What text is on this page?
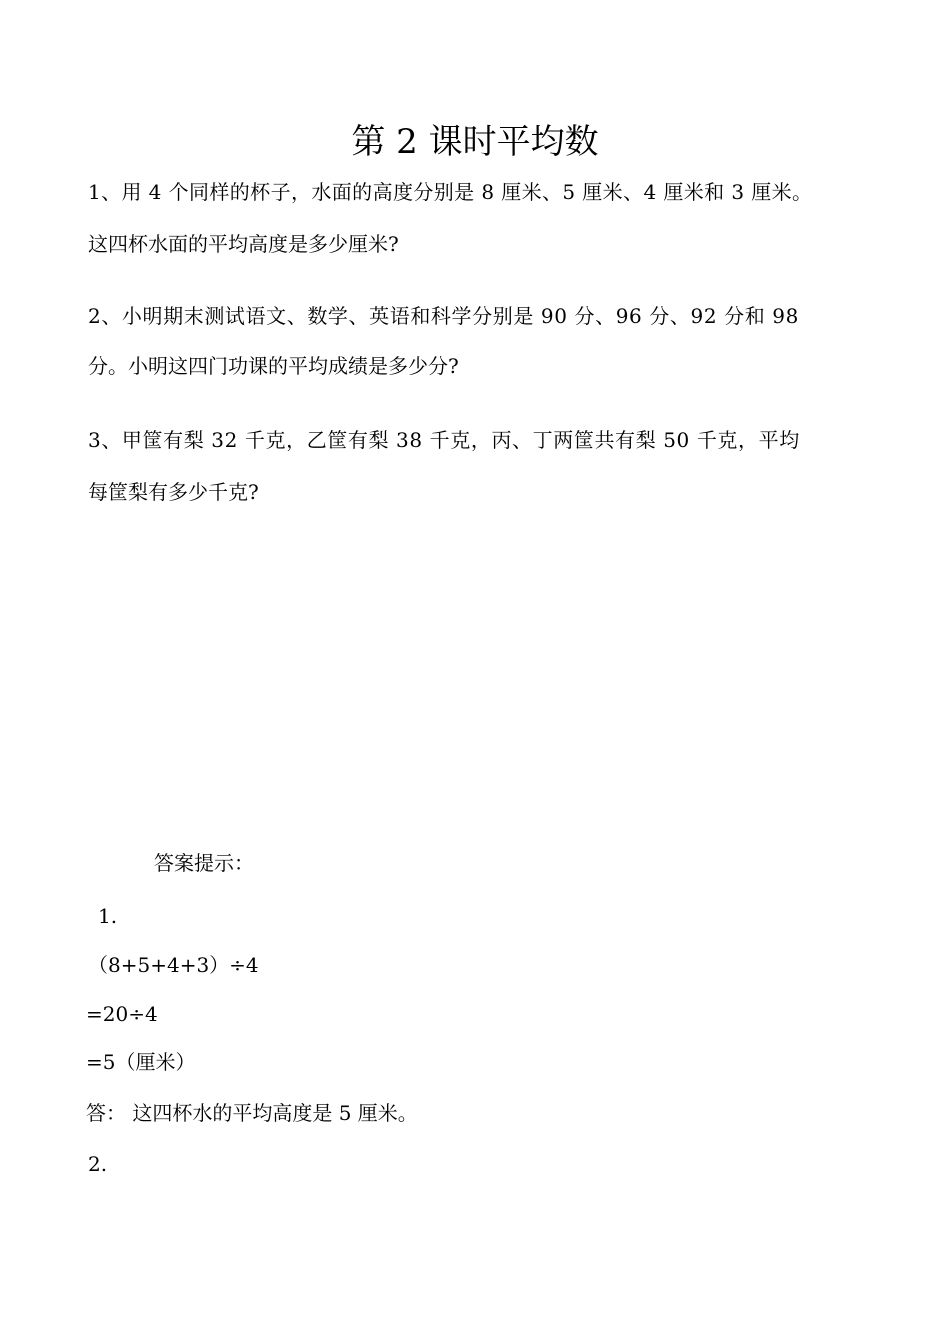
第 2 课时平均数
1、用 4 个同样的杯子，水面的高度分别是 8 厘米、5 厘米、4 厘米和 3 厘米。
这四杯水面的平均高度是多少厘米?
2、小明期末测试语文、数学、英语和科学分别是 90 分、96 分、92 分和 98
分。小明这四门功课的平均成绩是多少分?
3、甲筐有梨 32 千克，乙筐有梨 38 千克，丙、丁两筐共有梨 50 千克，平均
每筐梨有多少千克?
答案提示：
1.
（8+5+4+3）÷4
=20÷4
=5（厘米）
答： 这四杯水的平均高度是 5 厘米。
2.
